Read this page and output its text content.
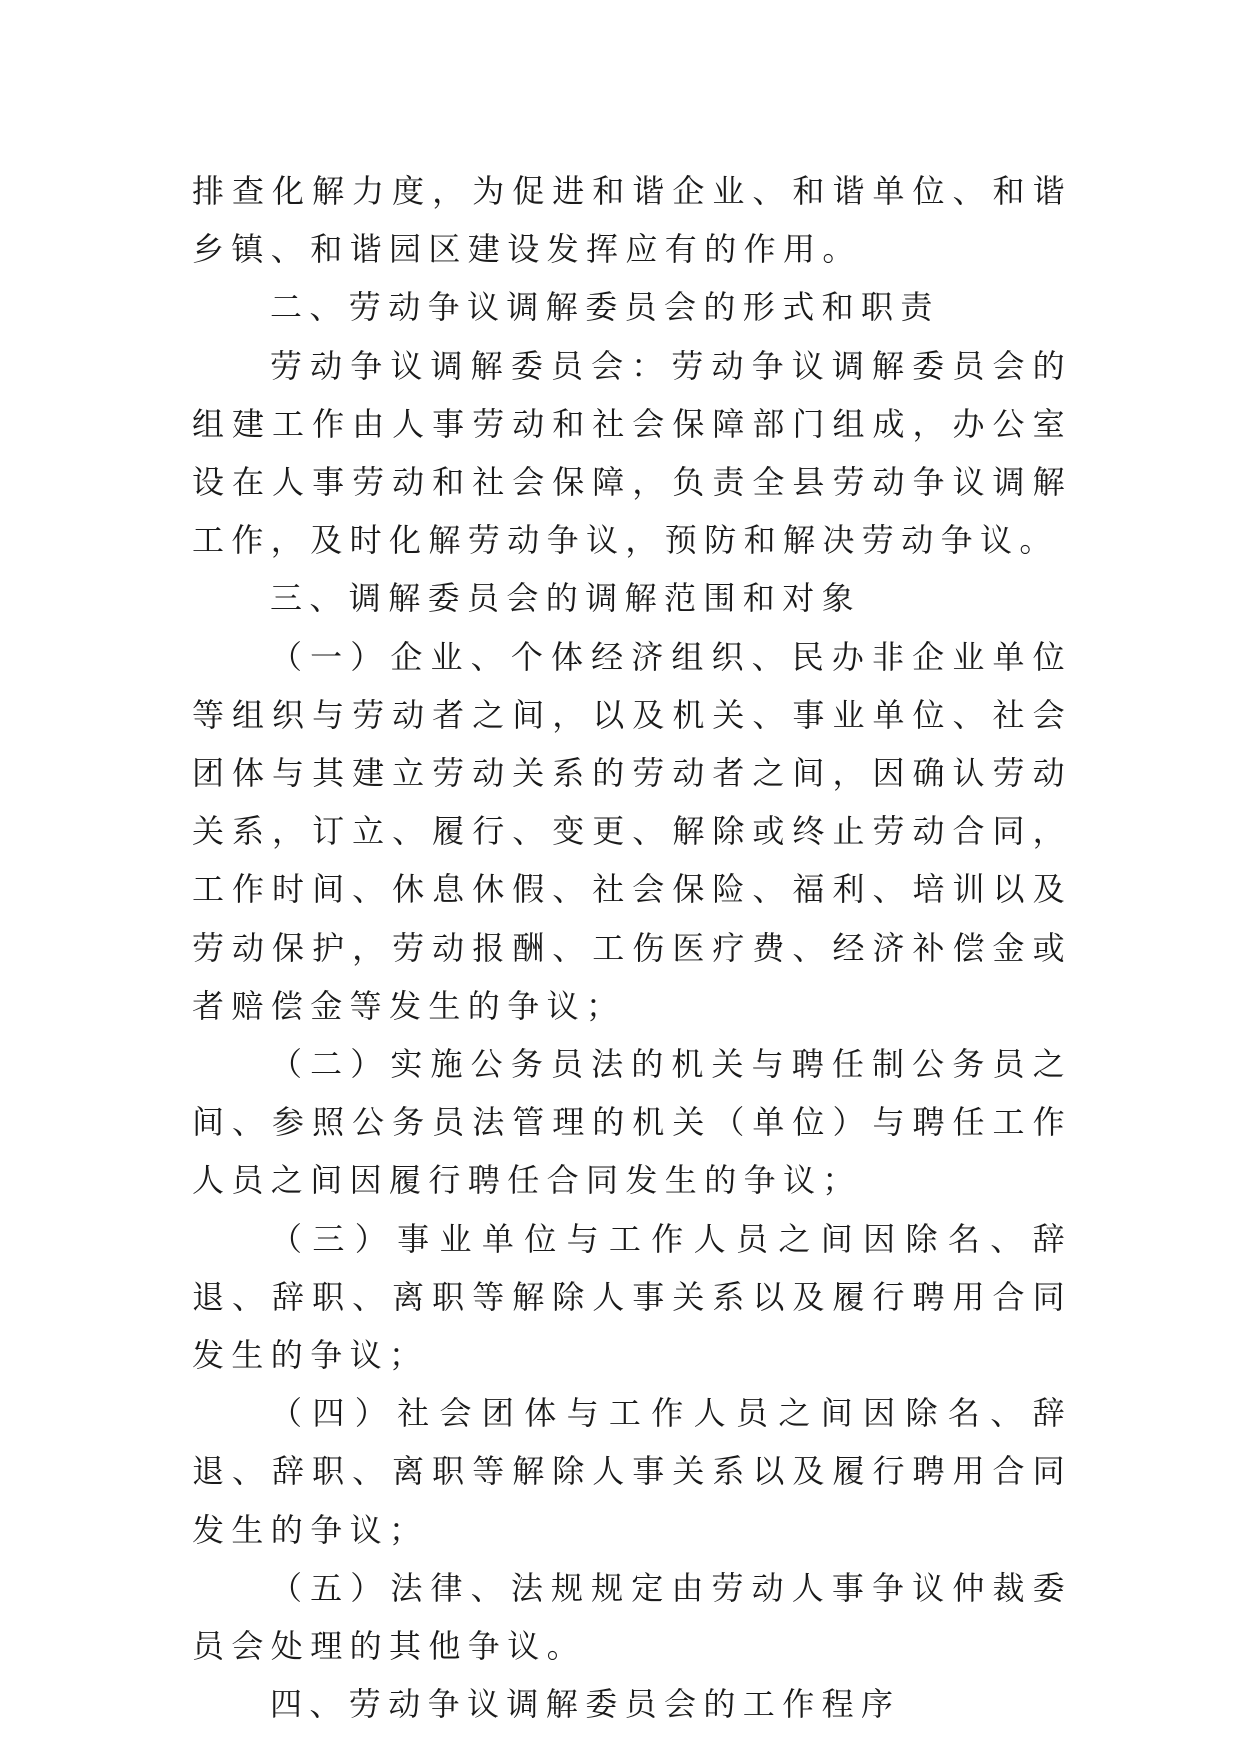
排查化解力度，为促进和谐企业、和谐单位、和谐乡镇、和谐园区建设发挥应有的作用。

二、劳动争议调解委员会的形式和职责

劳动争议调解委员会：劳动争议调解委员会的组建工作由人事劳动和社会保障部门组成，办公室设在人事劳动和社会保障，负责全县劳动争议调解工作，及时化解劳动争议，预防和解决劳动争议。

三、调解委员会的调解范围和对象

（一）企业、个体经济组织、民办非企业单位等组织与劳动者之间，以及机关、事业单位、社会团体与其建立劳动关系的劳动者之间，因确认劳动关系，订立、履行、变更、解除或终止劳动合同，工作时间、休息休假、社会保险、福利、培训以及劳动保护，劳动报酬、工伤医疗费、经济补偿金或者赔偿金等发生的争议；

（二）实施公务员法的机关与聘任制公务员之间、参照公务员法管理的机关（单位）与聘任工作人员之间因履行聘任合同发生的争议；

（三）事业单位与工作人员之间因除名、辞退、辞职、离职等解除人事关系以及履行聘用合同发生的争议；

（四）社会团体与工作人员之间因除名、辞退、辞职、离职等解除人事关系以及履行聘用合同发生的争议；

（五）法律、法规规定由劳动人事争议仲裁委员会处理的其他争议。

四、劳动争议调解委员会的工作程序
